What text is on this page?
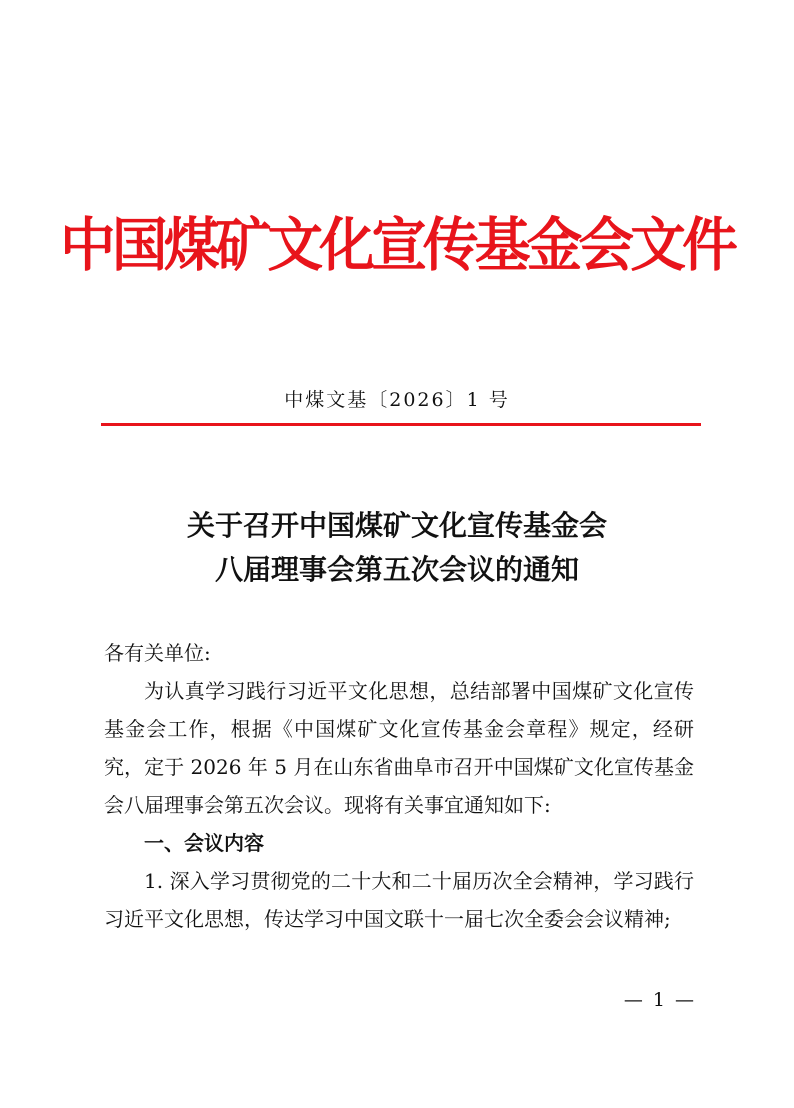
中国煤矿文化宣传基金会文件
中煤文基〔2026〕1 号
关于召开中国煤矿文化宣传基金会
八届理事会第五次会议的通知

各有关单位:

为认真学习践行习近平文化思想，总结部署中国煤矿文化宣传基金会工作，根据《中国煤矿文化宣传基金会章程》规定，经研究，定于 2026 年 5 月在山东省曲阜市召开中国煤矿文化宣传基金会八届理事会第五次会议。现将有关事宜通知如下:

一、会议内容

1. 深入学习贯彻党的二十大和二十届历次全会精神，学习践行习近平文化思想，传达学习中国文联十一届七次全委会会议精神;

— 1 —
